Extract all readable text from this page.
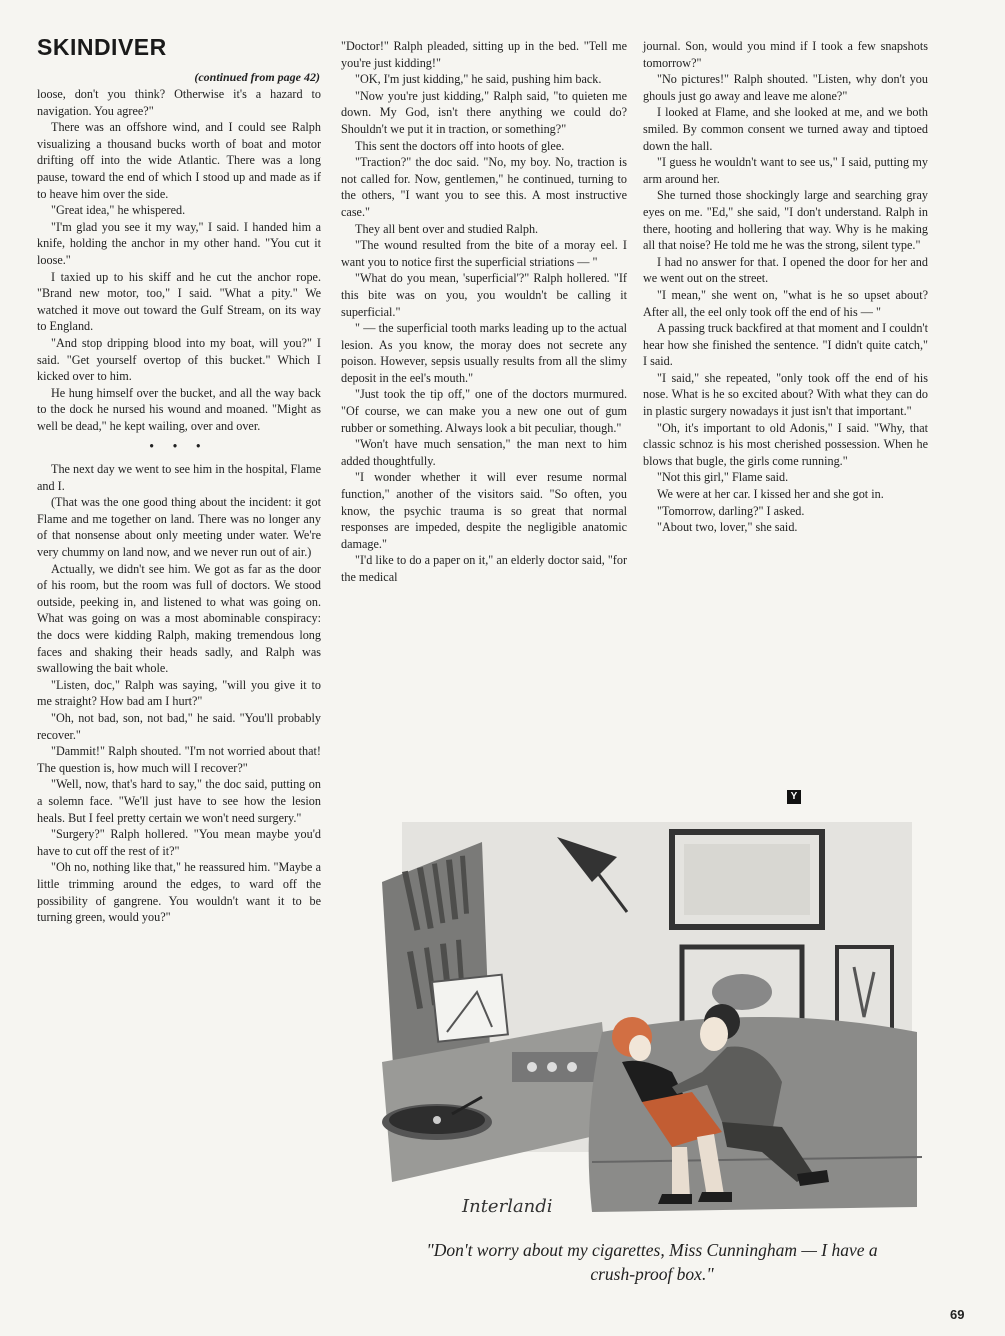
SKINDIVER
(continued from page 42)

loose, don't you think? Otherwise it's a hazard to navigation. You agree?"

There was an offshore wind, and I could see Ralph visualizing a thousand bucks worth of boat and motor drifting off into the wide Atlantic. There was a long pause, toward the end of which I stood up and made as if to heave him over the side.

"Great idea," he whispered.

"I'm glad you see it my way," I said. I handed him a knife, holding the anchor in my other hand. "You cut it loose."

I taxied up to his skiff and he cut the anchor rope. "Brand new motor, too," I said. "What a pity." We watched it move out toward the Gulf Stream, on its way to England.

"And stop dripping blood into my boat, will you?" I said. "Get yourself overtop of this bucket." Which I kicked over to him.

He hung himself over the bucket, and all the way back to the dock he nursed his wound and moaned. "Might as well be dead," he kept wailing, over and over.

• • •

The next day we went to see him in the hospital, Flame and I.

(That was the one good thing about the incident: it got Flame and me together on land. There was no longer any of that nonsense about only meeting under water. We're very chummy on land now, and we never run out of air.)

Actually, we didn't see him. We got as far as the door of his room, but the room was full of doctors. We stood outside, peeking in, and listened to what was going on. What was going on was a most abominable conspiracy: the docs were kidding Ralph, making tremendous long faces and shaking their heads sadly, and Ralph was swallowing the bait whole.

"Listen, doc," Ralph was saying, "will you give it to me straight? How bad am I hurt?"

"Oh, not bad, son, not bad," he said. "You'll probably recover."

"Dammit!" Ralph shouted. "I'm not worried about that! The question is, how much will I recover?"

"Well, now, that's hard to say," the doc said, putting on a solemn face. "We'll just have to see how the lesion heals. But I feel pretty certain we won't need surgery."

"Surgery?" Ralph hollered. "You mean maybe you'd have to cut off the rest of it?"

"Oh no, nothing like that," he reassured him. "Maybe a little trimming around the edges, to ward off the possibility of gangrene. You wouldn't want it to be turning green, would you?"

"Doctor!" Ralph pleaded, sitting up in the bed. "Tell me you're just kidding!"

"OK, I'm just kidding," he said, pushing him back.

"Now you're just kidding," Ralph said, "to quieten me down. My God, isn't there anything we could do? Shouldn't we put it in traction, or something?"

This sent the doctors off into hoots of glee.

"Traction?" the doc said. "No, my boy. No, traction is not called for. Now, gentlemen," he continued, turning to the others, "I want you to see this. A most instructive case."

They all bent over and studied Ralph.

"The wound resulted from the bite of a moray eel. I want you to notice first the superficial striations — "

"What do you mean, 'superficial'?" Ralph hollered. "If this bite was on you, you wouldn't be calling it superficial."

" — the superficial tooth marks leading up to the actual lesion. As you know, the moray does not secrete any poison. However, sepsis usually results from all the slimy deposit in the eel's mouth."

"Just took the tip off," one of the doctors murmured. "Of course, we can make you a new one out of gum rubber or something. Always look a bit peculiar, though."

"Won't have much sensation," the man next to him added thoughtfully.

"I wonder whether it will ever resume normal function," another of the visitors said. "So often, you know, the psychic trauma is so great that normal responses are impeded, despite the negligible anatomic damage."

"I'd like to do a paper on it," an elderly doctor said, "for the medical

journal. Son, would you mind if I took a few snapshots tomorrow?"

"No pictures!" Ralph shouted. "Listen, why don't you ghouls just go away and leave me alone?"

I looked at Flame, and she looked at me, and we both smiled. By common consent we turned away and tiptoed down the hall.

"I guess he wouldn't want to see us," I said, putting my arm around her.

She turned those shockingly large and searching gray eyes on me. "Ed," she said, "I don't understand. Ralph in there, hooting and hollering that way. Why is he making all that noise? He told me he was the strong, silent type."

I had no answer for that. I opened the door for her and we went out on the street.

"I mean," she went on, "what is he so upset about? After all, the eel only took off the end of his — "

A passing truck backfired at that moment and I couldn't hear how she finished the sentence. "I didn't quite catch," I said.

"I said," she repeated, "only took off the end of his nose. What is he so excited about? With what they can do in plastic surgery nowadays it just isn't that important."

"Oh, it's important to old Adonis," I said. "Why, that classic schnoz is his most cherished possession. When he blows that bugle, the girls come running."

"Not this girl," Flame said.

We were at her car. I kissed her and she got in.

"Tomorrow, darling?" I asked.

"About two, lover," she said.

Y
Interlandi
"Don't worry about my cigarettes, Miss Cunningham — I have a crush-proof box."
69
